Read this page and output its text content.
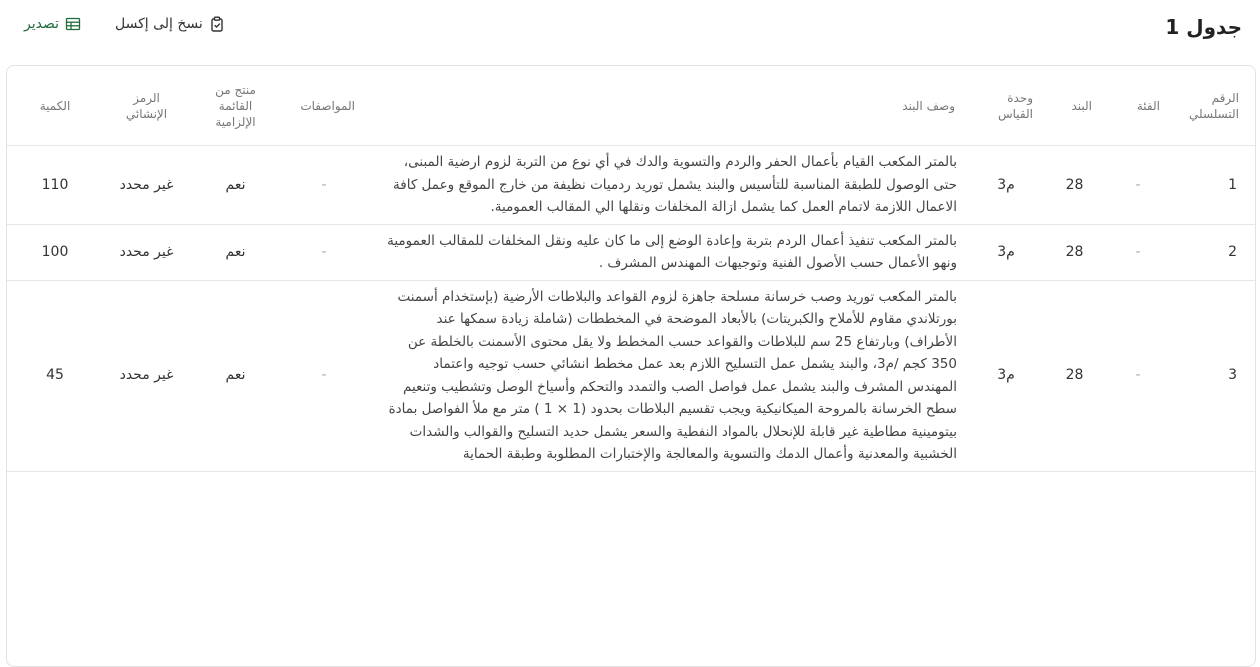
جدول 1
نسخ إلى إكسل
تصدير
الرقم التسلسلي	الفئة	البند	وحدة القياس	وصف البند	المواصفات	منتج من القائمة الإلزامية	الرمز الإنشائي	الكمية
1	-	28	م3	بالمتر المكعب القيام بأعمال الحفر والردم والتسوية والدك في أي نوع من التربة لزوم ارضية المبنى، حتى الوصول للطبقة المناسبة للتأسيس والبند يشمل توريد ردميات نظيفة من خارج الموقع وعمل كافة الاعمال اللازمة لاتمام العمل كما يشمل ازالة المخلفات ونقلها الي المقالب العمومية.	-	نعم	غير محدد	110
2	-	28	م3	بالمتر المكعب تنفيذ أعمال الردم بتربة وإعادة الوضع إلى ما كان عليه ونقل المخلفات للمقالب العمومية ونهو الأعمال حسب الأصول الفنية وتوجيهات المهندس المشرف .	-	نعم	غير محدد	100
3	-	28	م3	بالمتر المكعب توريد وصب خرسانة مسلحة جاهزة لزوم القواعد والبلاطات الأرضية (بإستخدام أسمنت بورتلاندي مقاوم للأملاح والكبريتات) بالأبعاد الموضحة في المخططات (شاملة زيادة سمكها عند الأطراف) وبارتفاع 25 سم للبلاطات والقواعد حسب المخطط ولا يقل محتوى الأسمنت بالخلطة عن 350 كجم /م3، والبند يشمل عمل التسليح اللازم بعد عمل مخطط انشائي حسب توجيه واعتماد المهندس المشرف والبند يشمل عمل فواصل الصب والتمدد والتحكم وأسياخ الوصل وتشطيب وتنعيم سطح الخرسانة بالمروحة الميكانيكية ويجب تقسيم البلاطات بحدود (1 × 1 ) متر مع ملأ الفواصل بمادة بيتومينية مطاطية غير قابلة للإنحلال بالمواد النفطية والسعر يشمل حديد التسليح والقوالب والشدات الخشبية والمعدنية وأعمال الدمك والتسوية والمعالجة والإختبارات المطلوبة وطبقة الحماية	-	نعم	غير محدد	45
